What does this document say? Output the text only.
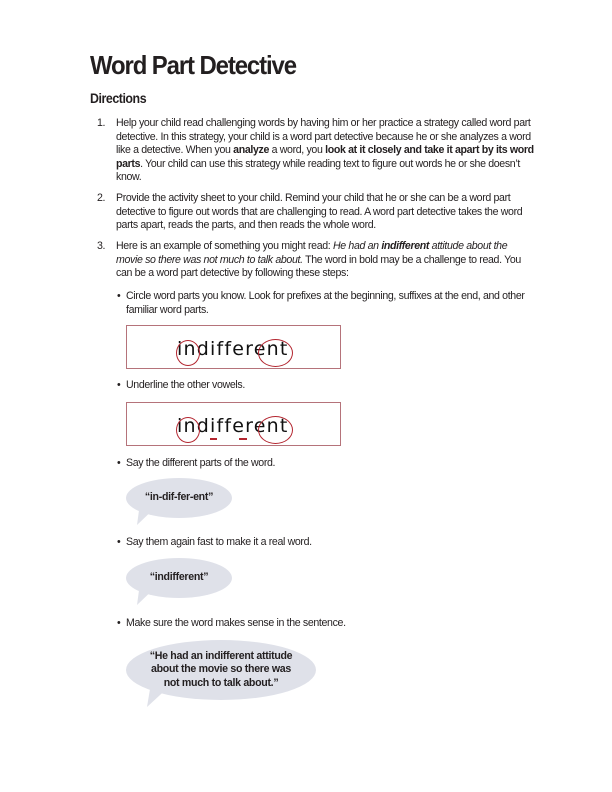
Word Part Detective
Directions
1. Help your child read challenging words by having him or her practice a strategy called word part detective. In this strategy, your child is a word part detective because he or she analyzes a word like a detective. When you analyze a word, you look at it closely and take it apart by its word parts. Your child can use this strategy while reading text to figure out words he or she doesn’t know.
2. Provide the activity sheet to your child. Remind your child that he or she can be a word part detective to figure out words that are challenging to read. A word part detective takes the word parts apart, reads the parts, and then reads the whole word.
3. Here is an example of something you might read: He had an indifferent attitude about the movie so there was not much to talk about. The word in bold may be a challenge to read. You can be a word part detective by following these steps:
• Circle word parts you know. Look for prefixes at the beginning, suffixes at the end, and other familiar word parts.
indifferent
• Underline the other vowels.
indifferent
• Say the different parts of the word.
“in-dif-fer-ent”
• Say them again fast to make it a real word.
“indifferent”
• Make sure the word makes sense in the sentence.
“He had an indifferent attitude about the movie so there was not much to talk about.”
